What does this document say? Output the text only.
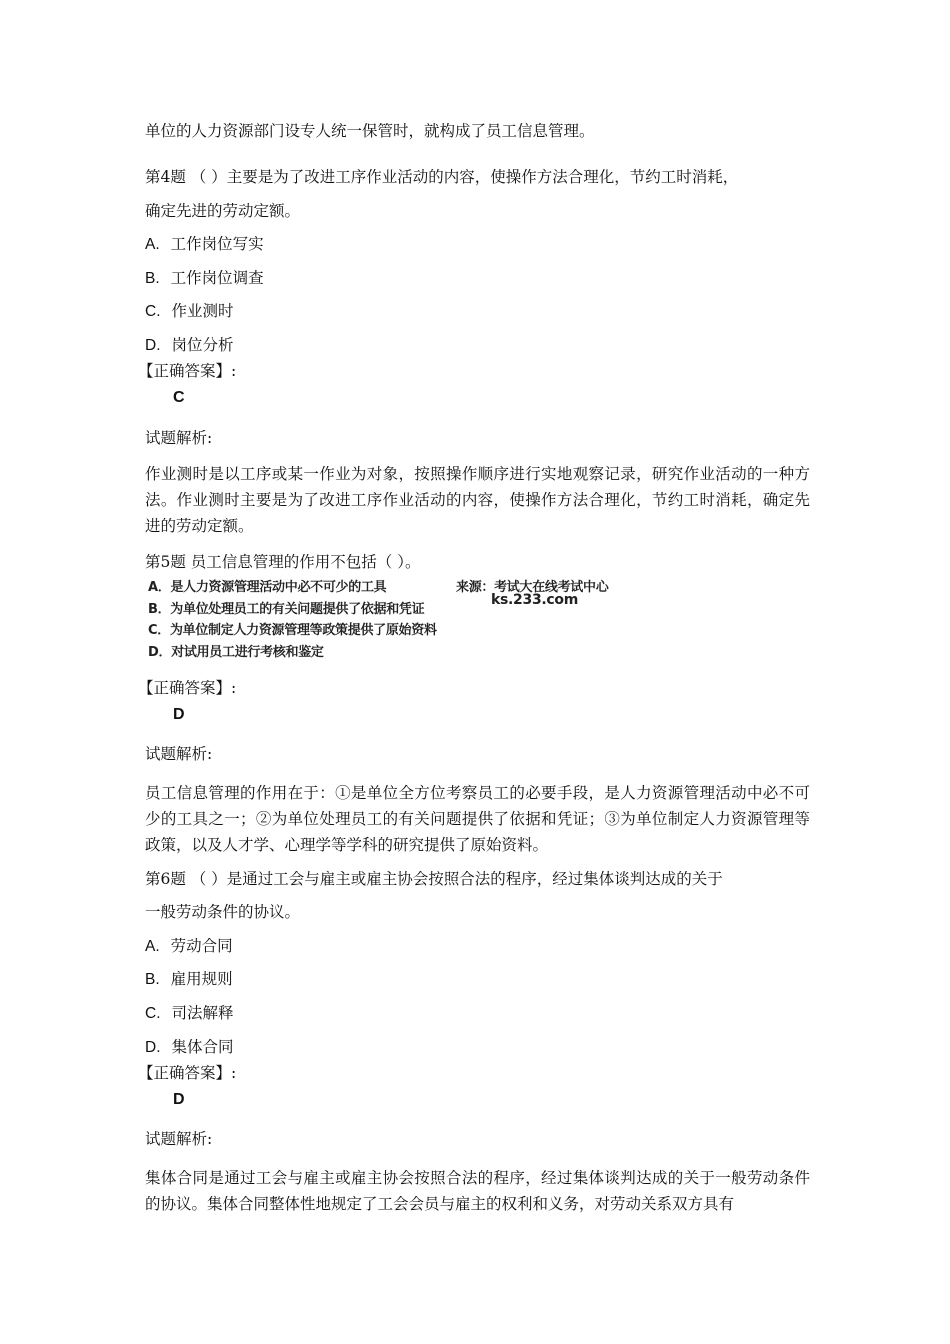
单位的人力资源部门设专人统一保管时，就构成了员工信息管理。
第4题 （ ）主要是为了改进工序作业活动的内容，使操作方法合理化，节约工时消耗，
确定先进的劳动定额。
A. 工作岗位写实
B. 工作岗位调查
C. 作业测时
D. 岗位分析
【正确答案】:
C
试题解析:
作业测时是以工序或某一作业为对象，按照操作顺序进行实地观察记录，研究作业活动的一种方法。作业测时主要是为了改进工序作业活动的内容，使操作方法合理化，节约工时消耗，确定先进的劳动定额。
第5题 员工信息管理的作用不包括（ ）。
A．是人力资源管理活动中必不可少的工具	来源：考试大在线考试中心
ks.233.com
B．为单位处理员工的有关问题提供了依据和凭证
C．为单位制定人力资源管理等政策提供了原始资料
D．对试用员工进行考核和鉴定
【正确答案】:
D
试题解析:
员工信息管理的作用在于：①是单位全方位考察员工的必要手段，是人力资源管理活动中必不可少的工具之一；②为单位处理员工的有关问题提供了依据和凭证；③为单位制定人力资源管理等政策，以及人才学、心理学等学科的研究提供了原始资料。
第6题 （ ）是通过工会与雇主或雇主协会按照合法的程序，经过集体谈判达成的关于
一般劳动条件的协议。
A. 劳动合同
B. 雇用规则
C. 司法解释
D. 集体合同
【正确答案】:
D
试题解析:
集体合同是通过工会与雇主或雇主协会按照合法的程序，经过集体谈判达成的关于一般劳动条件的协议。集体合同整体性地规定了工会会员与雇主的权利和义务，对劳动关系双方具有
